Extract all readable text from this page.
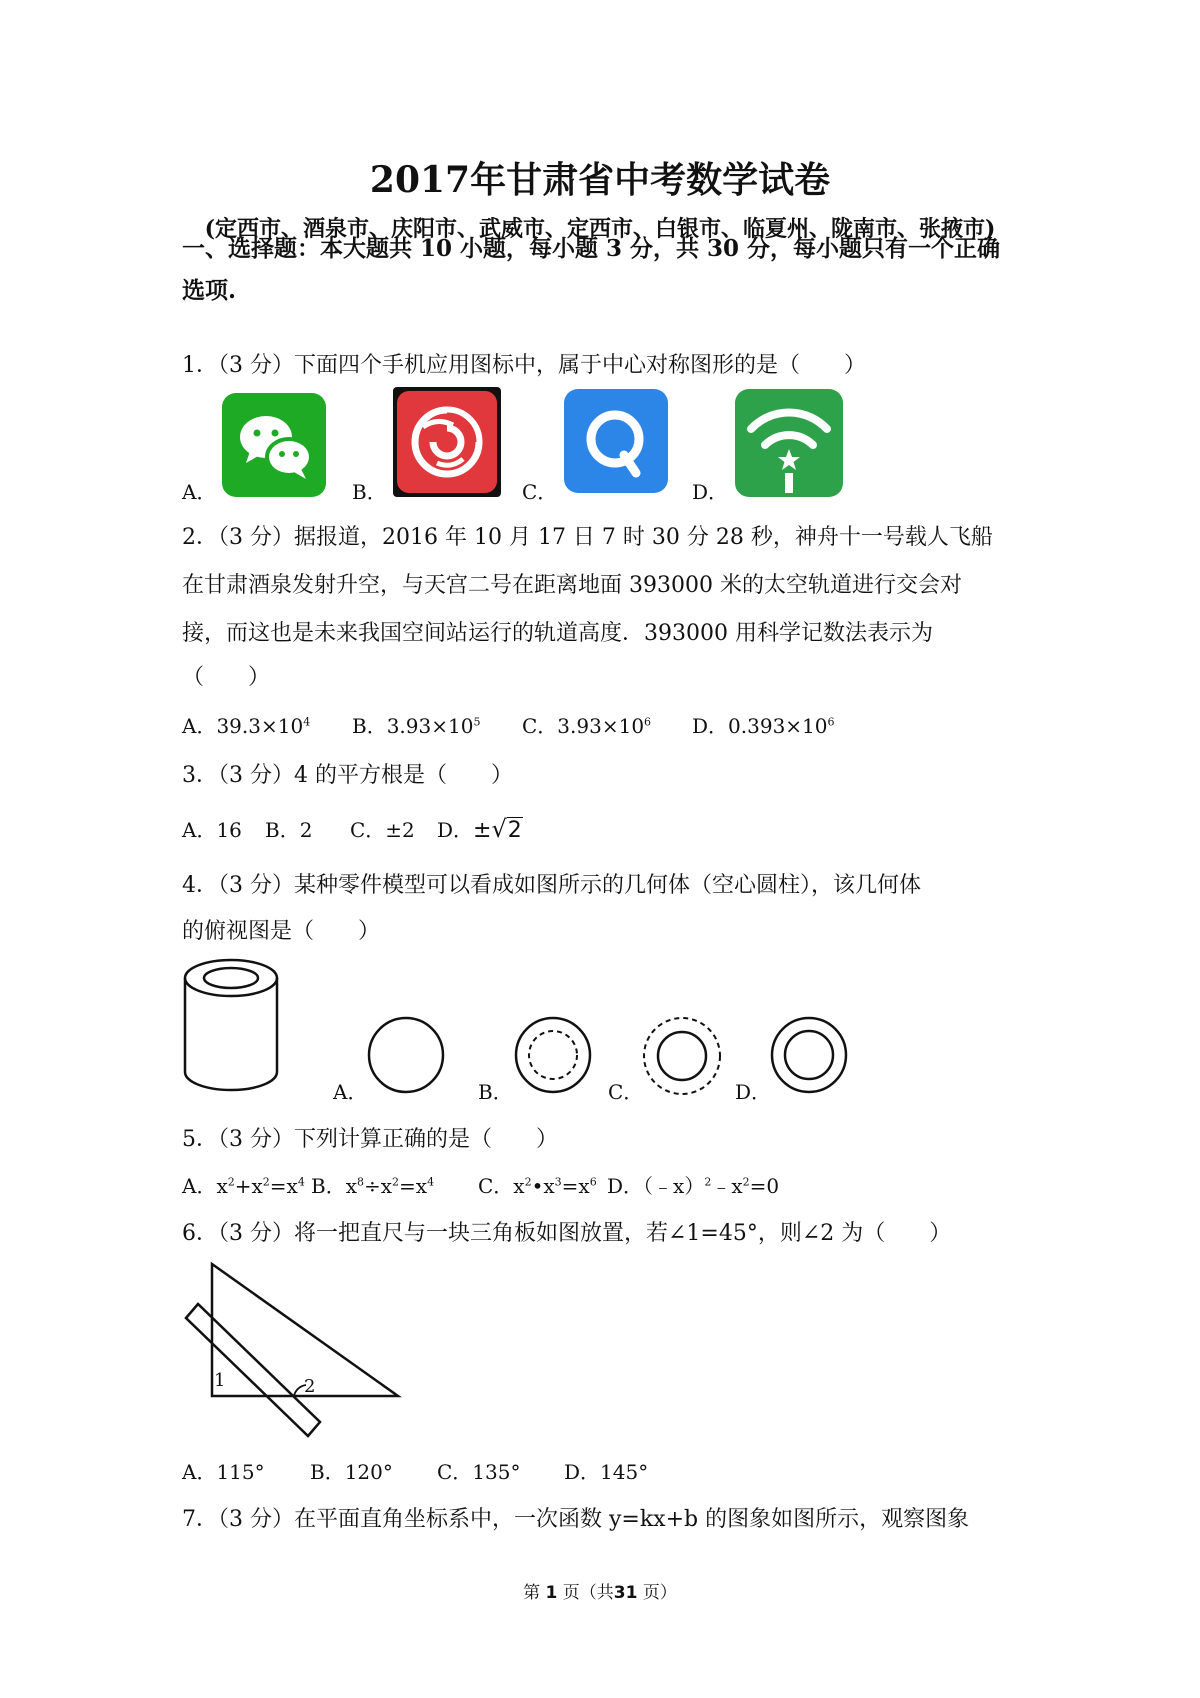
2017年甘肃省中考数学试卷
(定西市、酒泉市、庆阳市、武威市、定西市、白银市、临夏州、陇南市、张掖市)
一、选择题：本大题共 10 小题，每小题 3 分，共 30 分，每小题只有一个正确
选项.
1．（3 分）下面四个手机应用图标中，属于中心对称图形的是（　　）
A．	B．	C．	D．
2．（3 分）据报道，2016 年 10 月 17 日 7 时 30 分 28 秒，神舟十一号载人飞船
在甘肃酒泉发射升空，与天宫二号在距离地面 393000 米的太空轨道进行交会对
接，而这也是未来我国空间站运行的轨道高度．393000 用科学记数法表示为
（　　）
A．$39.3\times 10^4$ B．$3.93\times 10^5$ C．$3.93\times 10^6$ D．$0.393\times 10^6$
3．（3 分）4 的平方根是（　　）
A．16 B．2 C．±2 D．±√2
4．（3 分）某种零件模型可以看成如图所示的几何体（空心圆柱），该几何体
的俯视图是（　　）
A．	B．	C．	D．
5．（3 分）下列计算正确的是（　　）
A．$x^2+x^2=x^4$ B．$x^8\div x^2=x^4$ C．$x^2•x^3=x^6$ D．$(﹣x)^2﹣x^2=0$
6．（3 分）将一把直尺与一块三角板如图放置，若∠1=45°，则∠2 为（　　）
1	2
A．115° B．120° C．135° D．145°
7．（3 分）在平面直角坐标系中，一次函数 y=kx+b 的图象如图所示，观察图象
第 1 页（共31 页）
